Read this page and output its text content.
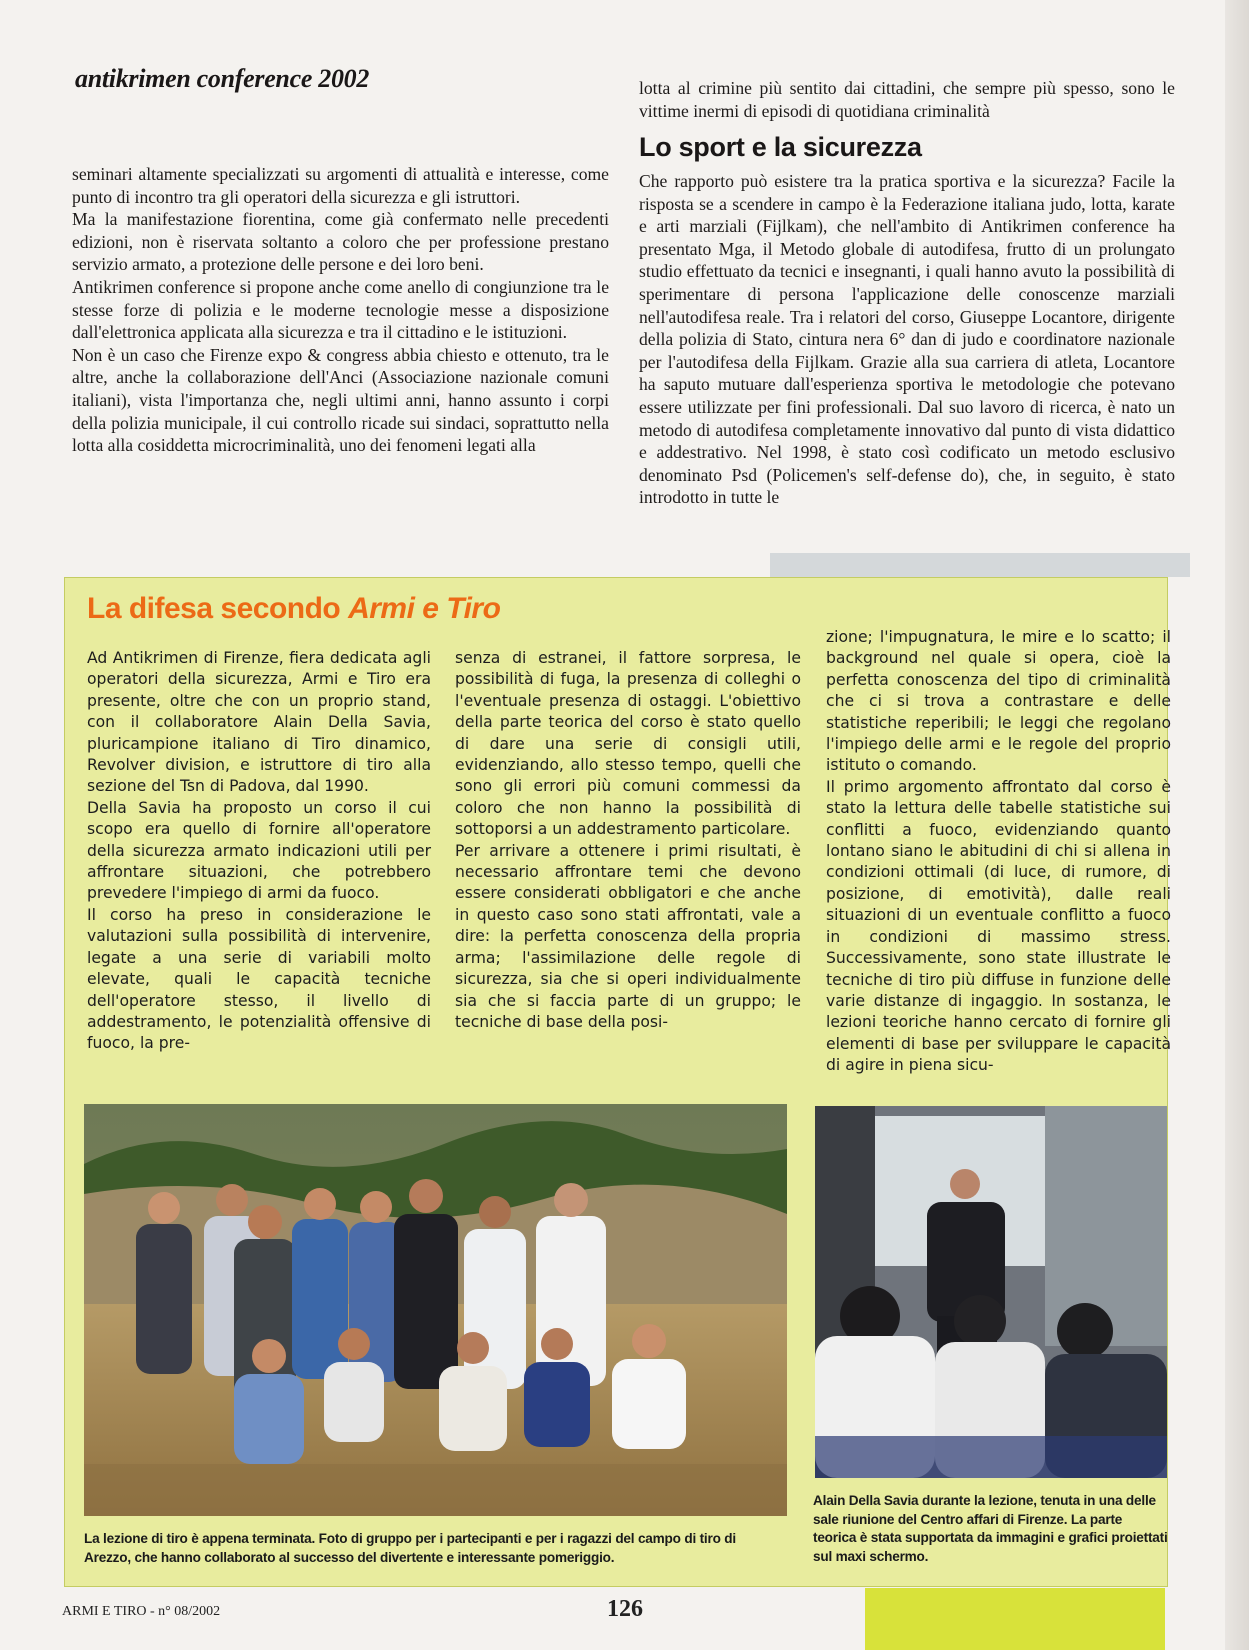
antikrimen conference 2002

seminari altamente specializzati su argomenti di attualità e interesse, come punto di incontro tra gli operatori della sicurezza e gli istruttori.

Ma la manifestazione fiorentina, come già confermato nelle precedenti edizioni, non è riservata soltanto a coloro che per professione prestano servizio armato, a protezione delle persone e dei loro beni.

Antikrimen conference si propone anche come anello di congiunzione tra le stesse forze di polizia e le moderne tecnologie messe a disposizione dall'elettronica applicata alla sicurezza e tra il cittadino e le istituzioni.

Non è un caso che Firenze expo & congress abbia chiesto e ottenuto, tra le altre, anche la collaborazione dell'Anci (Associazione nazionale comuni italiani), vista l'importanza che, negli ultimi anni, hanno assunto i corpi della polizia municipale, il cui controllo ricade sui sindaci, soprattutto nella lotta alla cosiddetta microcriminalità, uno dei fenomeni legati alla

lotta al crimine più sentito dai cittadini, che sempre più spesso, sono le vittime inermi di episodi di quotidiana criminalità

Lo sport e la sicurezza

Che rapporto può esistere tra la pratica sportiva e la sicurezza? Facile la risposta se a scendere in campo è la Federazione italiana judo, lotta, karate e arti marziali (Fijlkam), che nell'ambito di Antikrimen conference ha presentato Mga, il Metodo globale di autodifesa, frutto di un prolungato studio effettuato da tecnici e insegnanti, i quali hanno avuto la possibilità di sperimentare di persona l'applicazione delle conoscenze marziali nell'autodifesa reale. Tra i relatori del corso, Giuseppe Locantore, dirigente della polizia di Stato, cintura nera 6° dan di judo e coordinatore nazionale per l'autodifesa della Fijlkam. Grazie alla sua carriera di atleta, Locantore ha saputo mutuare dall'esperienza sportiva le metodologie che potevano essere utilizzate per fini professionali. Dal suo lavoro di ricerca, è nato un metodo di autodifesa completamente innovativo dal punto di vista didattico e addestrativo. Nel 1998, è stato così codificato un metodo esclusivo denominato Psd (Policemen's self-defense do), che, in seguito, è stato introdotto in tutte le

La difesa secondo Armi e Tiro

Ad Antikrimen di Firenze, fiera dedicata agli operatori della sicurezza, Armi e Tiro era presente, oltre che con un proprio stand, con il collaboratore Alain Della Savia, pluricampione italiano di Tiro dinamico, Revolver division, e istruttore di tiro alla sezione del Tsn di Padova, dal 1990.

Della Savia ha proposto un corso il cui scopo era quello di fornire all'operatore della sicurezza armato indicazioni utili per affrontare situazioni, che potrebbero prevedere l'impiego di armi da fuoco.

Il corso ha preso in considerazione le valutazioni sulla possibilità di intervenire, legate a una serie di variabili molto elevate, quali le capacità tecniche dell'operatore stesso, il livello di addestramento, le potenzialità offensive di fuoco, la pre-

senza di estranei, il fattore sorpresa, le possibilità di fuga, la presenza di colleghi o l'eventuale presenza di ostaggi. L'obiettivo della parte teorica del corso è stato quello di dare una serie di consigli utili, evidenziando, allo stesso tempo, quelli che sono gli errori più comuni commessi da coloro che non hanno la possibilità di sottoporsi a un addestramento particolare.

Per arrivare a ottenere i primi risultati, è necessario affrontare temi che devono essere considerati obbligatori e che anche in questo caso sono stati affrontati, vale a dire: la perfetta conoscenza della propria arma; l'assimilazione delle regole di sicurezza, sia che si operi individualmente sia che si faccia parte di un gruppo; le tecniche di base della posi-

zione; l'impugnatura, le mire e lo scatto; il background nel quale si opera, cioè la perfetta conoscenza del tipo di criminalità che ci si trova a contrastare e delle statistiche reperibili; le leggi che regolano l'impiego delle armi e le regole del proprio istituto o comando.

Il primo argomento affrontato dal corso è stato la lettura delle tabelle statistiche sui conflitti a fuoco, evidenziando quanto lontano siano le abitudini di chi si allena in condizioni ottimali (di luce, di rumore, di posizione, di emotività), dalle reali situazioni di un eventuale conflitto a fuoco in condizioni di massimo stress. Successivamente, sono state illustrate le tecniche di tiro più diffuse in funzione delle varie distanze di ingaggio. In sostanza, le lezioni teoriche hanno cercato di fornire gli elementi di base per sviluppare le capacità di agire in piena sicu-

La lezione di tiro è appena terminata. Foto di gruppo per i partecipanti e per i ragazzi del campo di tiro di Arezzo, che hanno collaborato al successo del divertente e interessante pomeriggio.
Alain Della Savia durante la lezione, tenuta in una delle sale riunione del Centro affari di Firenze. La parte teorica è stata supportata da immagini e grafici proiettati sul maxi schermo.
ARMI E TIRO - n° 08/2002	126
